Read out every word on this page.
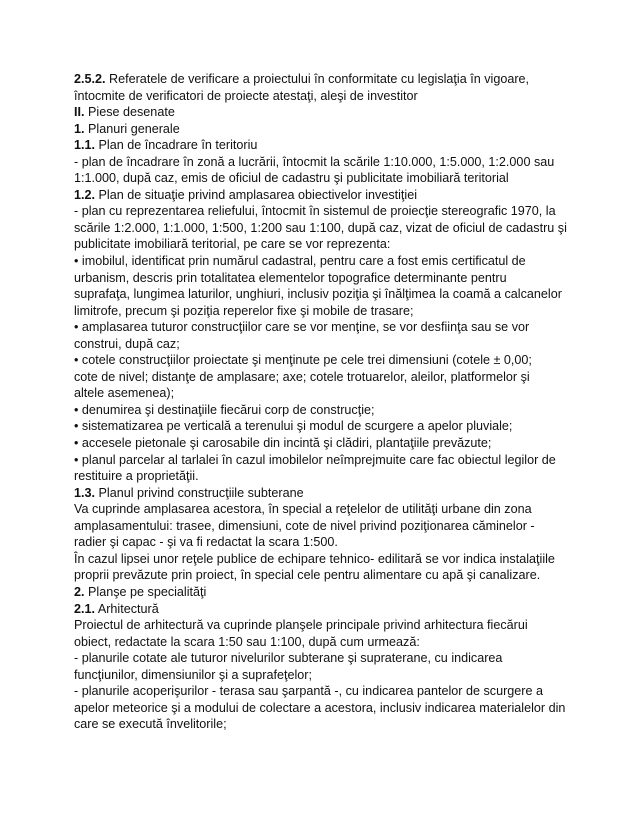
2.5.2. Referatele de verificare a proiectului în conformitate cu legislaţia în vigoare,
întocmite de verificatori de proiecte atestaţi, aleşi de investitor
II. Piese desenate
1. Planuri generale
1.1. Plan de încadrare în teritoriu
- plan de încadrare în zonă a lucrării, întocmit la scările 1:10.000, 1:5.000, 1:2.000 sau
1:1.000, după caz, emis de oficiul de cadastru şi publicitate imobiliară teritorial
1.2. Plan de situaţie privind amplasarea obiectivelor investiţiei
- plan cu reprezentarea reliefului, întocmit în sistemul de proiecţie stereografic 1970, la
scările 1:2.000, 1:1.000, 1:500, 1:200 sau 1:100, după caz, vizat de oficiul de cadastru şi
publicitate imobiliară teritorial, pe care se vor reprezenta:
• imobilul, identificat prin numărul cadastral, pentru care a fost emis certificatul de
urbanism, descris prin totalitatea elementelor topografice determinante pentru
suprafaţa, lungimea laturilor, unghiuri, inclusiv poziţia şi înălţimea la coamă a calcanelor
limitrofe, precum şi poziţia reperelor fixe şi mobile de trasare;
• amplasarea tuturor construcţiilor care se vor menţine, se vor desfiinţa sau se vor
construi, după caz;
• cotele construcţiilor proiectate şi menţinute pe cele trei dimensiuni (cotele ± 0,00;
cote de nivel; distanţe de amplasare; axe; cotele trotuarelor, aleilor, platformelor şi
altele asemenea);
• denumirea şi destinaţiile fiecărui corp de construcţie;
• sistematizarea pe verticală a terenului şi modul de scurgere a apelor pluviale;
• accesele pietonale şi carosabile din incintă şi clădiri, plantaţiile prevăzute;
• planul parcelar al tarlalei în cazul imobilelor neîmprejmuite care fac obiectul legilor de
restituire a proprietăţii.
1.3. Planul privind construcţiile subterane
Va cuprinde amplasarea acestora, în special a reţelelor de utilităţi urbane din zona
amplasamentului: trasee, dimensiuni, cote de nivel privind poziţionarea căminelor -
radier şi capac - şi va fi redactat la scara 1:500.
În cazul lipsei unor reţele publice de echipare tehnico- edilitară se vor indica instalaţiile
proprii prevăzute prin proiect, în special cele pentru alimentare cu apă şi canalizare.
2. Planşe pe specialităţi
2.1. Arhitectură
Proiectul de arhitectură va cuprinde planşele principale privind arhitectura fiecărui
obiect, redactate la scara 1:50 sau 1:100, după cum urmează:
- planurile cotate ale tuturor nivelurilor subterane şi supraterane, cu indicarea
funcţiunilor, dimensiunilor şi a suprafeţelor;
- planurile acoperişurilor - terasa sau şarpantă -, cu indicarea pantelor de scurgere a
apelor meteorice şi a modului de colectare a acestora, inclusiv indicarea materialelor din
care se execută învelitorile;
